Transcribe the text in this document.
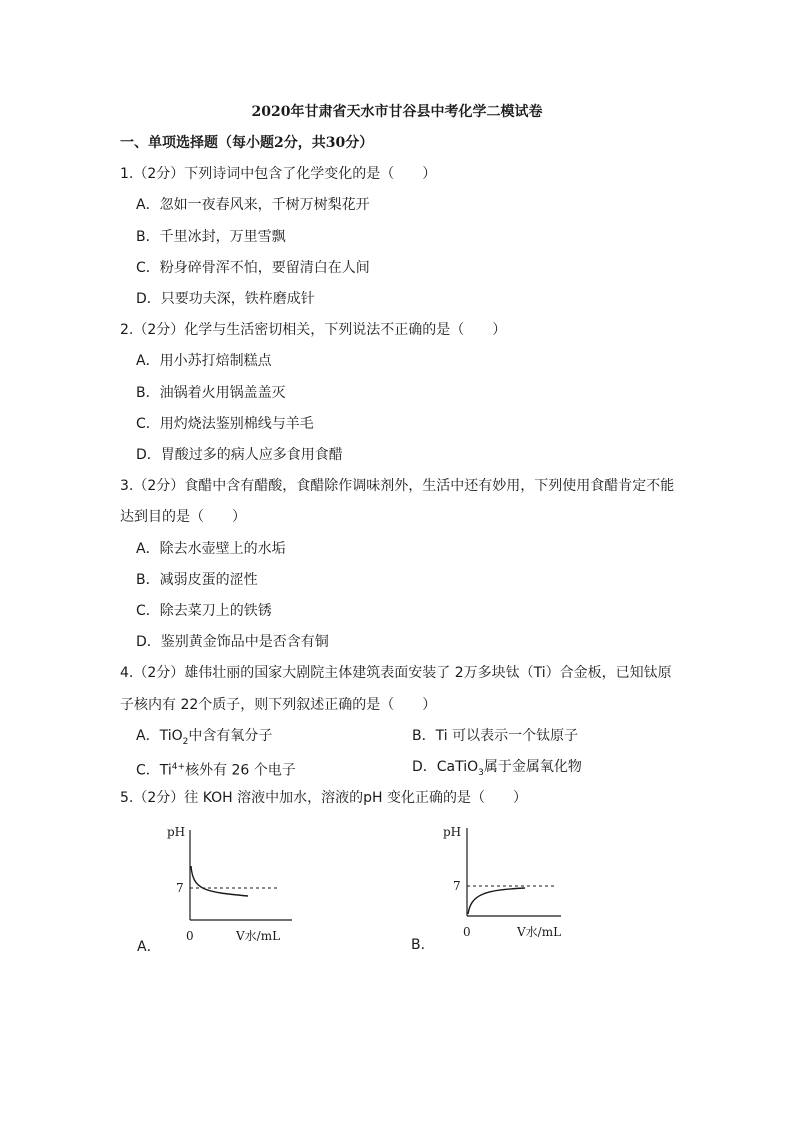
2020年甘肃省天水市甘谷县中考化学二模试卷
一、单项选择题（每小题2分，共30分）
1.（2分）下列诗词中包含了化学变化的是（　　）
A．忽如一夜春风来，千树万树梨花开
B．千里冰封，万里雪飘
C．粉身碎骨浑不怕，要留清白在人间
D．只要功夫深，铁杵磨成针
2.（2分）化学与生活密切相关，下列说法不正确的是（　　）
A．用小苏打焙制糕点
B．油锅着火用锅盖盖灭
C．用灼烧法鉴别棉线与羊毛
D．胃酸过多的病人应多食用食醋
3.（2分）食醋中含有醋酸，食醋除作调味剂外，生活中还有妙用，下列使用食醋肯定不能
达到目的是（　　）
A．除去水壶壁上的水垢
B．减弱皮蛋的涩性
C．除去菜刀上的铁锈
D．鉴别黄金饰品中是否含有铜
4.（2分）雄伟壮丽的国家大剧院主体建筑表面安装了 2万多块钛（Ti）合金板，已知钛原
子核内有 22个质子，则下列叙述正确的是（　　）
A．TiO$_2$中含有氧分子	B．Ti 可以表示一个钛原子
C．$Ti^{4+}$核外有 26 个电子	D．CaTiO$_3$属于金属氧化物
5.（2分）往 KOH 溶液中加水，溶液的pH 变化正确的是（　　）
pH
7
0	V水/mL
A．
pH
7
0	V水/mL
B．
